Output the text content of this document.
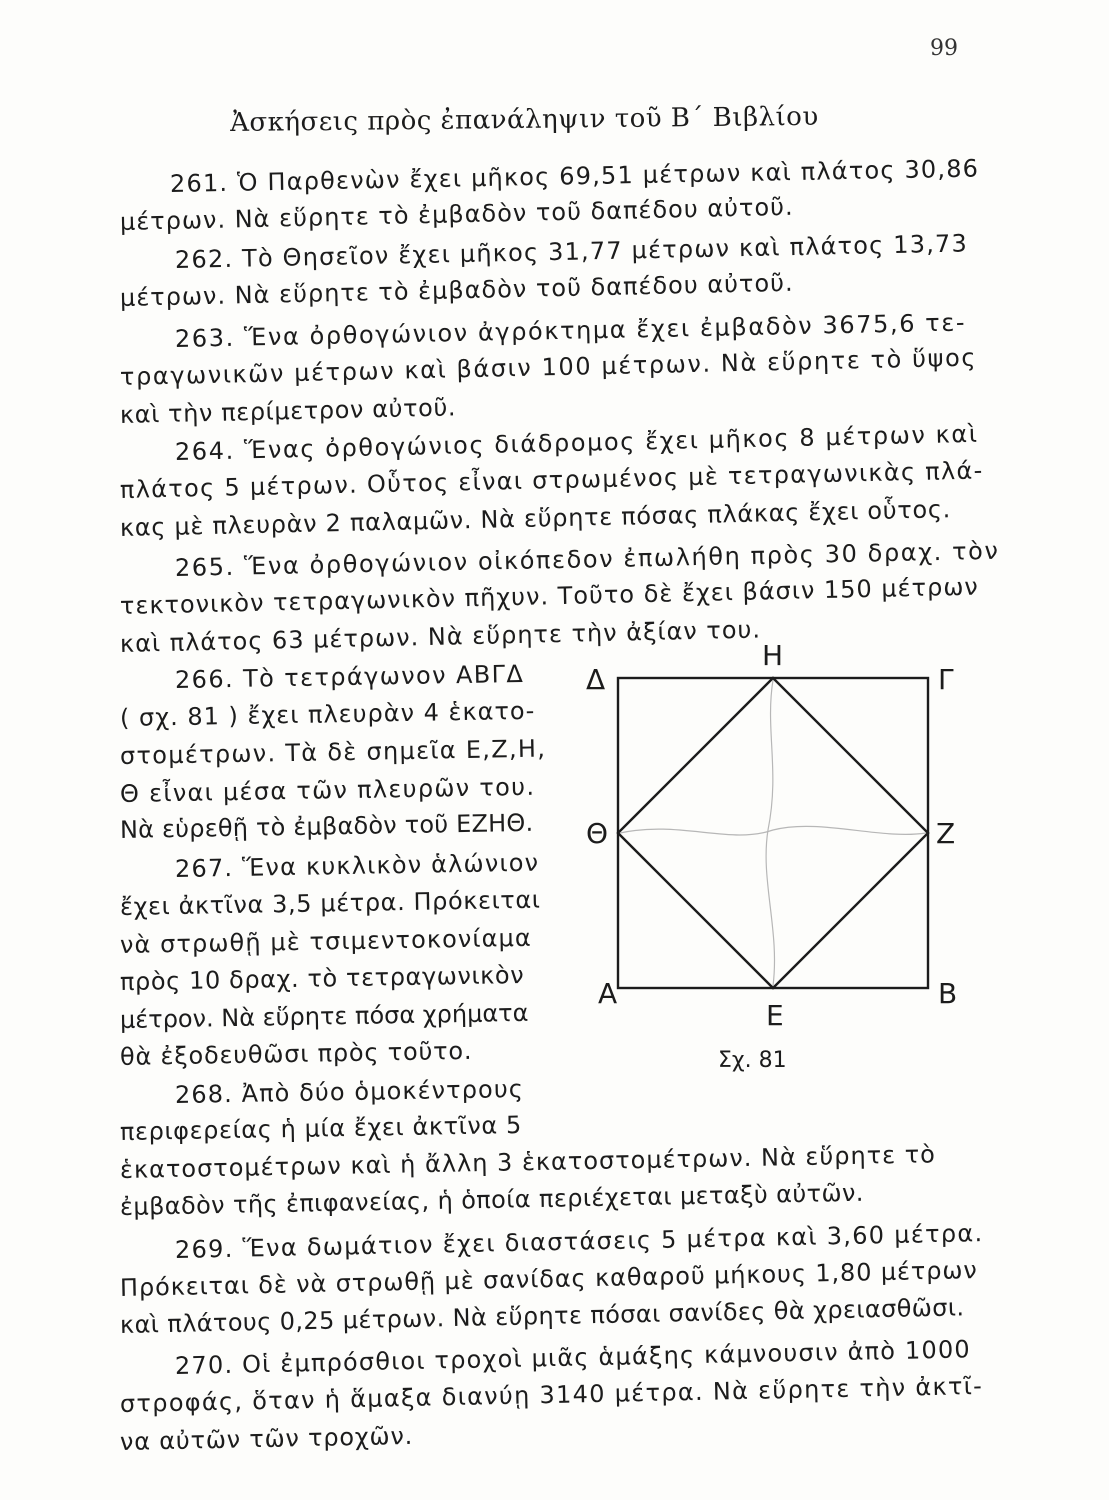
99
Ἀσκήσεις πρὸς ἐπανάληψιν τοῦ Β΄ Βιβλίου
261. Ὁ Παρθενὼν ἔχει μῆκος 69,51 μέτρων καὶ πλάτος 30,86
μέτρων. Νὰ εὕρητε τὸ ἐμβαδὸν τοῦ δαπέδου αὐτοῦ.
262. Τὸ Θησεῖον ἔχει μῆκος 31,77 μέτρων καὶ πλάτος 13,73
μέτρων. Νὰ εὕρητε τὸ ἐμβαδὸν τοῦ δαπέδου αὐτοῦ.
263. Ἕνα ὀρθογώνιον ἀγρόκτημα ἔχει ἐμβαδὸν 3675,6 τε-
τραγωνικῶν μέτρων καὶ βάσιν 100 μέτρων. Νὰ εὕρητε τὸ ὕψος
καὶ τὴν περίμετρον αὐτοῦ.
264. Ἕνας ὀρθογώνιος διάδρομος ἔχει μῆκος 8 μέτρων καὶ
πλάτος 5 μέτρων. Οὗτος εἶναι στρωμένος μὲ τετραγωνικὰς πλά-
κας μὲ πλευρὰν 2 παλαμῶν. Νὰ εὕρητε πόσας πλάκας ἔχει οὗτος.
265. Ἕνα ὀρθογώνιον οἰκόπεδον ἐπωλήθη πρὸς 30 δραχ. τὸν
τεκτονικὸν τετραγωνικὸν πῆχυν. Τοῦτο δὲ ἔχει βάσιν 150 μέτρων
καὶ πλάτος 63 μέτρων. Νὰ εὕρητε τὴν ἀξίαν του.
266. Τὸ τετράγωνον ΑΒΓΔ
( σχ. 81 ) ἔχει πλευρὰν 4 ἑκατο-
στομέτρων. Τὰ δὲ σημεῖα Ε,Ζ,Η,
Θ εἶναι μέσα τῶν πλευρῶν του.
Νὰ εὑρεθῇ τὸ ἐμβαδὸν τοῦ ΕΖΗΘ.
267. Ἕνα κυκλικὸν ἁλώνιον
ἔχει ἀκτῖνα 3,5 μέτρα. Πρόκειται
νὰ στρωθῇ μὲ τσιμεντοκονίαμα
πρὸς 10 δραχ. τὸ τετραγωνικὸν
μέτρον. Νὰ εὕρητε πόσα χρήματα
θὰ ἐξοδευθῶσι πρὸς τοῦτο.
268. Ἀπὸ δύο ὁμοκέντρους
περιφερείας ἡ μία ἔχει ἀκτῖνα 5
ἑκατοστομέτρων καὶ ἡ ἄλλη 3 ἑκατοστομέτρων. Νὰ εὕρητε τὸ
ἐμβαδὸν τῆς ἐπιφανείας, ἡ ὁποία περιέχεται μεταξὺ αὐτῶν.
269. Ἕνα δωμάτιον ἔχει διαστάσεις 5 μέτρα καὶ 3,60 μέτρα.
Πρόκειται δὲ νὰ στρωθῇ μὲ σανίδας καθαροῦ μήκους 1,80 μέτρων
καὶ πλάτους 0,25 μέτρων. Νὰ εὕρητε πόσαι σανίδες θὰ χρειασθῶσι.
270. Οἱ ἐμπρόσθιοι τροχοὶ μιᾶς ἁμάξης κάμνουσιν ἀπὸ 1000
στροφάς, ὅταν ἡ ἅμαξα διανύῃ 3140 μέτρα. Νὰ εὕρητε τὴν ἀκτῖ-
να αὐτῶν τῶν τροχῶν.
Δ
Η
Γ
Θ	Ζ
Α
Ε
Β
Σχ. 81
